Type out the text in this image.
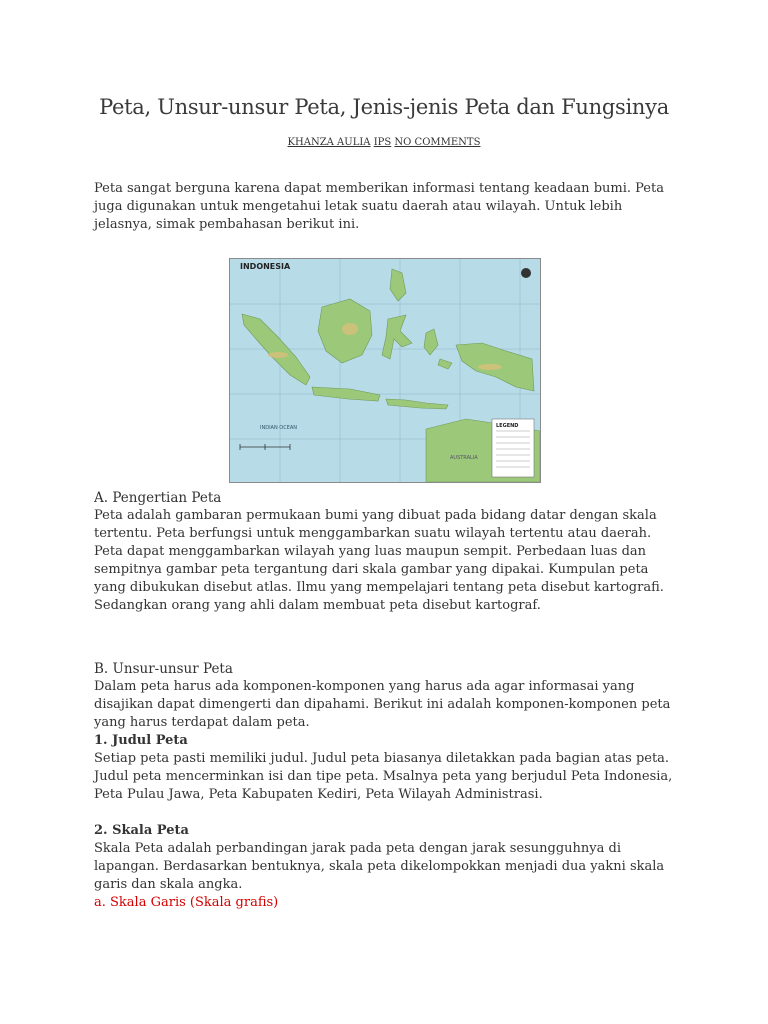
Peta, Unsur-unsur Peta, Jenis-jenis Peta dan Fungsinya
KHANZA AULIA IPS NO COMMENTS

Peta sangat berguna karena dapat memberikan informasi tentang keadaan bumi. Peta juga digunakan untuk mengetahui letak suatu daerah atau wilayah. Untuk lebih jelasnya, simak pembahasan berikut ini.

INDONESIA
INDIAN OCEAN
AUSTRALIA
LEGEND

A. Pengertian Peta

Peta adalah gambaran permukaan bumi yang dibuat pada bidang datar dengan skala tertentu. Peta berfungsi untuk menggambarkan suatu wilayah tertentu atau daerah. Peta dapat menggambarkan wilayah yang luas maupun sempit. Perbedaan luas dan sempitnya gambar peta tergantung dari skala gambar yang dipakai. Kumpulan peta yang dibukukan disebut atlas. Ilmu yang mempelajari tentang peta disebut kartografi. Sedangkan orang yang ahli dalam membuat peta disebut kartograf.

B. Unsur-unsur Peta

Dalam peta harus ada komponen-komponen yang harus ada agar informasai yang disajikan dapat dimengerti dan dipahami. Berikut ini adalah komponen-komponen peta yang harus terdapat dalam peta.

1. Judul Peta

Setiap peta pasti memiliki judul. Judul peta biasanya diletakkan pada bagian atas peta. Judul peta mencerminkan isi dan tipe peta. Msalnya peta yang berjudul Peta Indonesia, Peta Pulau Jawa, Peta Kabupaten Kediri, Peta Wilayah Administrasi.

2. Skala Peta

Skala Peta adalah perbandingan jarak pada peta dengan jarak sesungguhnya di lapangan. Berdasarkan bentuknya, skala peta dikelompokkan menjadi dua yakni skala garis dan skala angka.

a. Skala Garis (Skala grafis)
